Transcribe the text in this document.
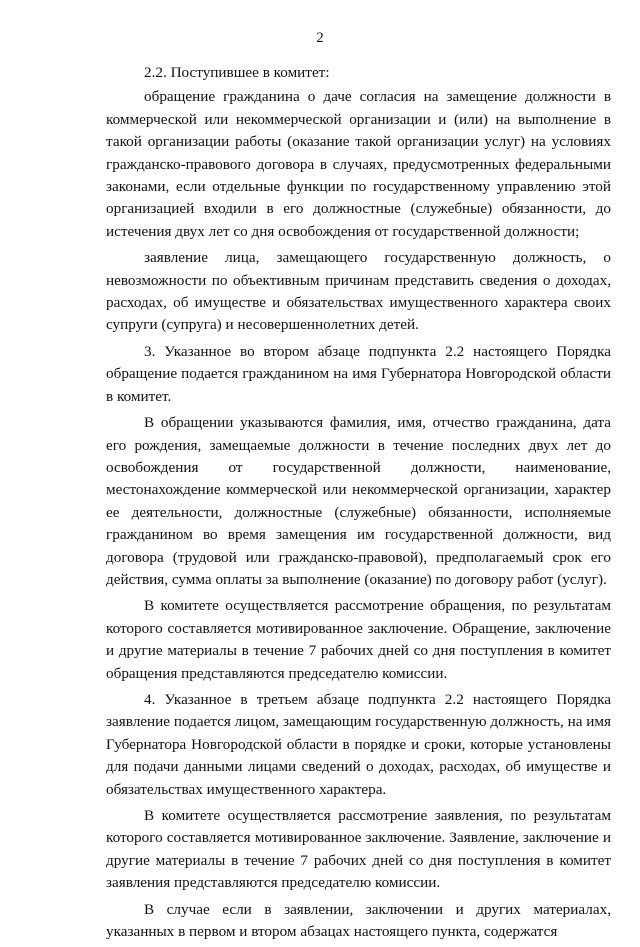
2

2.2. Поступившее в комитет:

обращение гражданина о даче согласия на замещение должности в коммерческой или некоммерческой организации и (или) на выполнение в такой организации работы (оказание такой организации услуг) на условиях гражданско-правового договора в случаях, предусмотренных федеральными законами, если отдельные функции по государственному управлению этой организацией входили в его должностные (служебные) обязанности, до истечения двух лет со дня освобождения от государственной должности;

заявление лица, замещающего государственную должность, о невозможности по объективным причинам представить сведения о доходах, расходах, об имуществе и обязательствах имущественного характера своих супруги (супруга) и несовершеннолетних детей.

3. Указанное во втором абзаце подпункта 2.2 настоящего Порядка обращение подается гражданином на имя Губернатора Новгородской области в комитет.

В обращении указываются фамилия, имя, отчество гражданина, дата его рождения, замещаемые должности в течение последних двух лет до освобождения от государственной должности, наименование, местонахождение коммерческой или некоммерческой организации, характер ее деятельности, должностные (служебные) обязанности, исполняемые гражданином во время замещения им государственной должности, вид договора (трудовой или гражданско-правовой), предполагаемый срок его действия, сумма оплаты за выполнение (оказание) по договору работ (услуг).

В комитете осуществляется рассмотрение обращения, по результатам которого составляется мотивированное заключение. Обращение, заключение и другие материалы в течение 7 рабочих дней со дня поступления в комитет обращения представляются председателю комиссии.

4. Указанное в третьем абзаце подпункта 2.2 настоящего Порядка заявление подается лицом, замещающим государственную должность, на имя Губернатора Новгородской области в порядке и сроки, которые установлены для подачи данными лицами сведений о доходах, расходах, об имуществе и обязательствах имущественного характера.

В комитете осуществляется рассмотрение заявления, по результатам которого составляется мотивированное заключение. Заявление, заключение и другие материалы в течение 7 рабочих дней со дня поступления в комитет заявления представляются председателю комиссии.

В случае если в заявлении, заключении и других материалах, указанных в первом и втором абзацах настоящего пункта, содержатся
